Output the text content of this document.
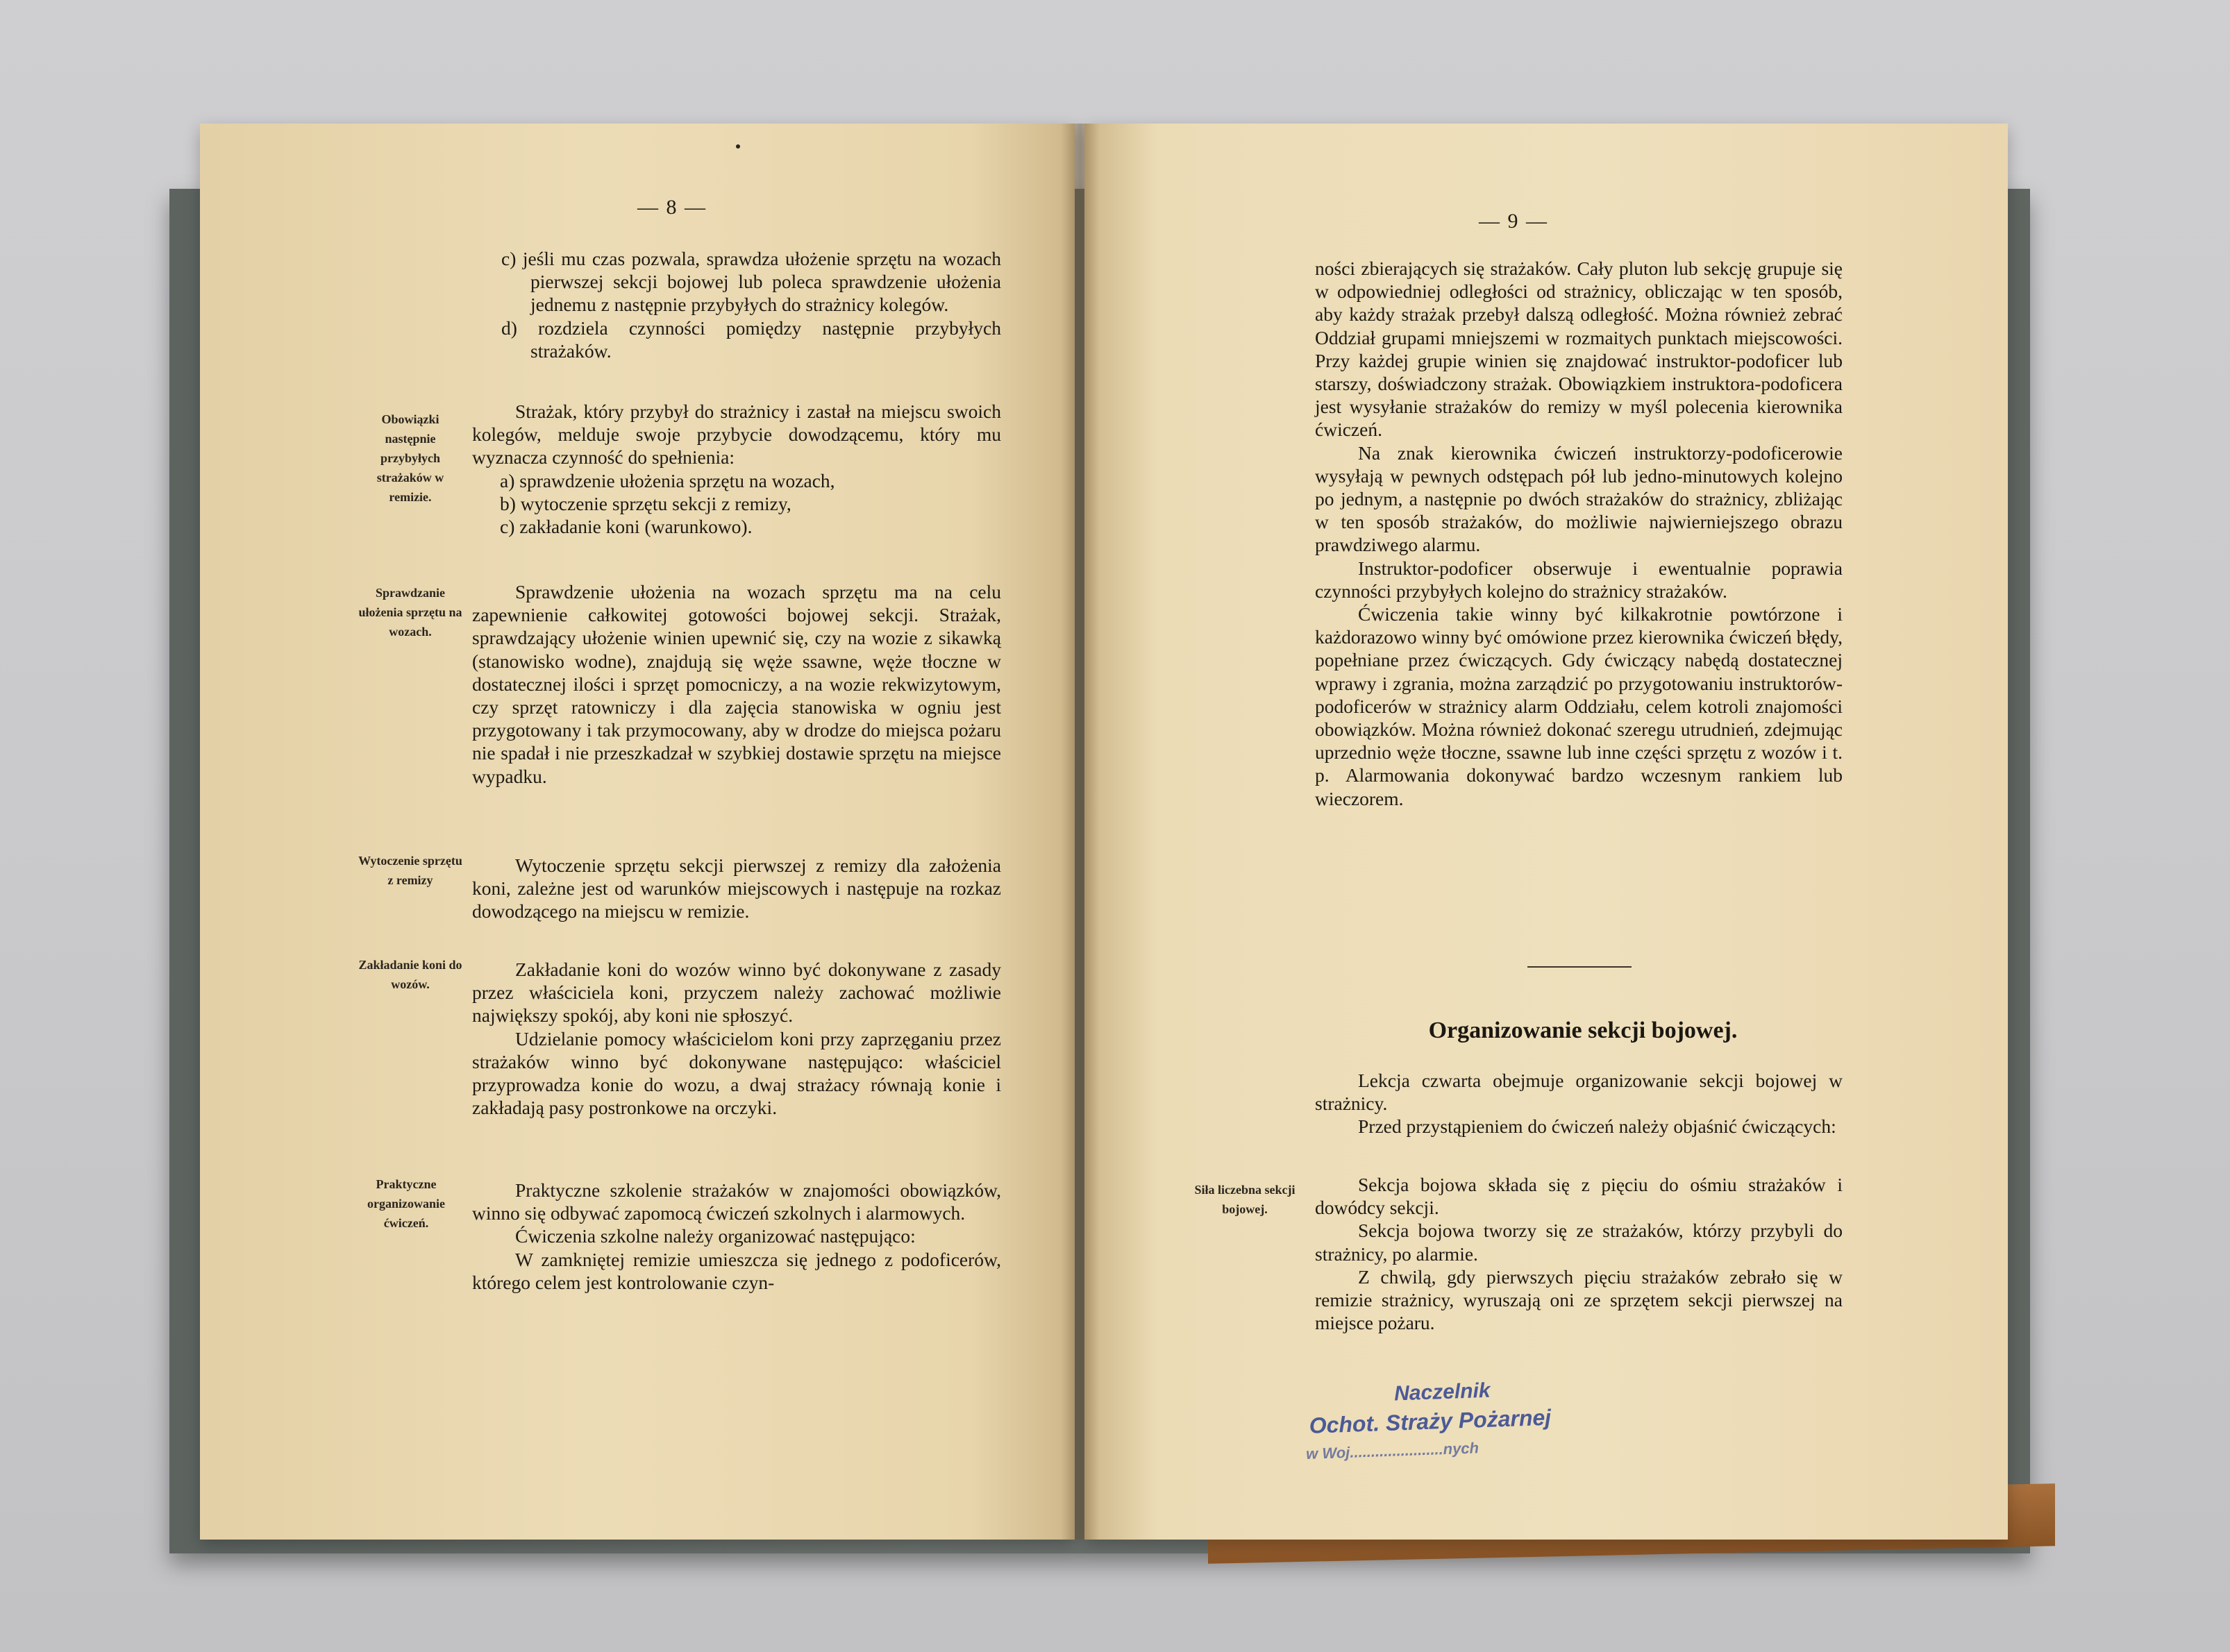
— 8 —

c) jeśli mu czas pozwala, sprawdza ułożenie sprzętu na wozach pierwszej sekcji bojowej lub poleca sprawdzenie ułożenia jednemu z następnie przybyłych do strażnicy kolegów.

d) rozdziela czynności pomiędzy następnie przybyłych strażaków.

Strażak, który przybył do strażnicy i zastał na miejscu swoich kolegów, melduje swoje przybycie dowodzącemu, który mu wyznacza czynność do spełnienia:

a) sprawdzenie ułożenia sprzętu na wozach,

b) wytoczenie sprzętu sekcji z remizy,

c) zakładanie koni (warunkowo).

Sprawdzenie ułożenia na wozach sprzętu ma na celu zapewnienie całkowitej gotowości bojowej sekcji. Strażak, sprawdzający ułożenie winien upewnić się, czy na wozie z sikawką (stanowisko wodne), znajdują się węże ssawne, węże tłoczne w dostatecznej ilości i sprzęt pomocniczy, a na wozie rekwizytowym, czy sprzęt ratowniczy i dla zajęcia stanowiska w ogniu jest przygotowany i tak przymocowany, aby w drodze do miejsca pożaru nie spadał i nie przeszkadzał w szybkiej dostawie sprzętu na miejsce wypadku.

Wytoczenie sprzętu sekcji pierwszej z remizy dla założenia koni, zależne jest od warunków miejscowych i następuje na rozkaz dowodzącego na miejscu w remizie.

Zakładanie koni do wozów winno być dokonywane z zasady przez właściciela koni, przyczem należy zachować możliwie największy spokój, aby koni nie spłoszyć.

Udzielanie pomocy właścicielom koni przy zaprzęganiu przez strażaków winno być dokonywane następująco: właściciel przyprowadza konie do wozu, a dwaj strażacy równają konie i zakładają pasy postronkowe na orczyki.

Praktyczne szkolenie strażaków w znajomości obowiązków, winno się odbywać zapomocą ćwiczeń szkolnych i alarmowych.

Ćwiczenia szkolne należy organizować następująco:

W zamkniętej remizie umieszcza się jednego z podoficerów, którego celem jest kontrolowanie czyn-

Obowiązki następnie przybyłych strażaków w remizie.
Sprawdzanie ułożenia sprzętu na wozach.
Wytoczenie sprzętu z remizy
Zakładanie koni do wozów.
Praktyczne organizowanie ćwiczeń.
— 9 —

ności zbierających się strażaków. Cały pluton lub sekcję grupuje się w odpowiedniej odległości od strażnicy, obliczając w ten sposób, aby każdy strażak przebył dalszą odległość. Można również zebrać Oddział grupami mniejszemi w rozmaitych punktach miejscowości. Przy każdej grupie winien się znajdować instruktor-podoficer lub starszy, doświadczony strażak. Obowiązkiem instruktora-podoficera jest wysyłanie strażaków do remizy w myśl polecenia kierownika ćwiczeń.

Na znak kierownika ćwiczeń instruktorzy-podoficerowie wysyłają w pewnych odstępach pół lub jedno-minutowych kolejno po jednym, a następnie po dwóch strażaków do strażnicy, zbliżając w ten sposób strażaków, do możliwie najwierniejszego obrazu prawdziwego alarmu.

Instruktor-podoficer obserwuje i ewentualnie poprawia czynności przybyłych kolejno do strażnicy strażaków.

Ćwiczenia takie winny być kilkakrotnie powtórzone i każdorazowo winny być omówione przez kierownika ćwiczeń błędy, popełniane przez ćwiczących. Gdy ćwiczący nabędą dostatecznej wprawy i zgrania, można zarządzić po przygotowaniu instruktorów-podoficerów w strażnicy alarm Oddziału, celem kotroli znajomości obowiązków. Można również dokonać szeregu utrudnień, zdejmując uprzednio węże tłoczne, ssawne lub inne części sprzętu z wozów i t. p. Alarmowania dokonywać bardzo wczesnym rankiem lub wieczorem.

Organizowanie sekcji bojowej.

Lekcja czwarta obejmuje organizowanie sekcji bojowej w strażnicy.

Przed przystąpieniem do ćwiczeń należy objaśnić ćwiczących:

Sekcja bojowa składa się z pięciu do ośmiu strażaków i dowódcy sekcji.

Sekcja bojowa tworzy się ze strażaków, którzy przybyli do strażnicy, po alarmie.

Z chwilą, gdy pierwszych pięciu strażaków zebrało się w remizie strażnicy, wyruszają oni ze sprzętem sekcji pierwszej na miejsce pożaru.

Siła liczebna sekcji bojowej.
Naczelnik
Ochot. Straży Pożarnej
w Woj......................nych
